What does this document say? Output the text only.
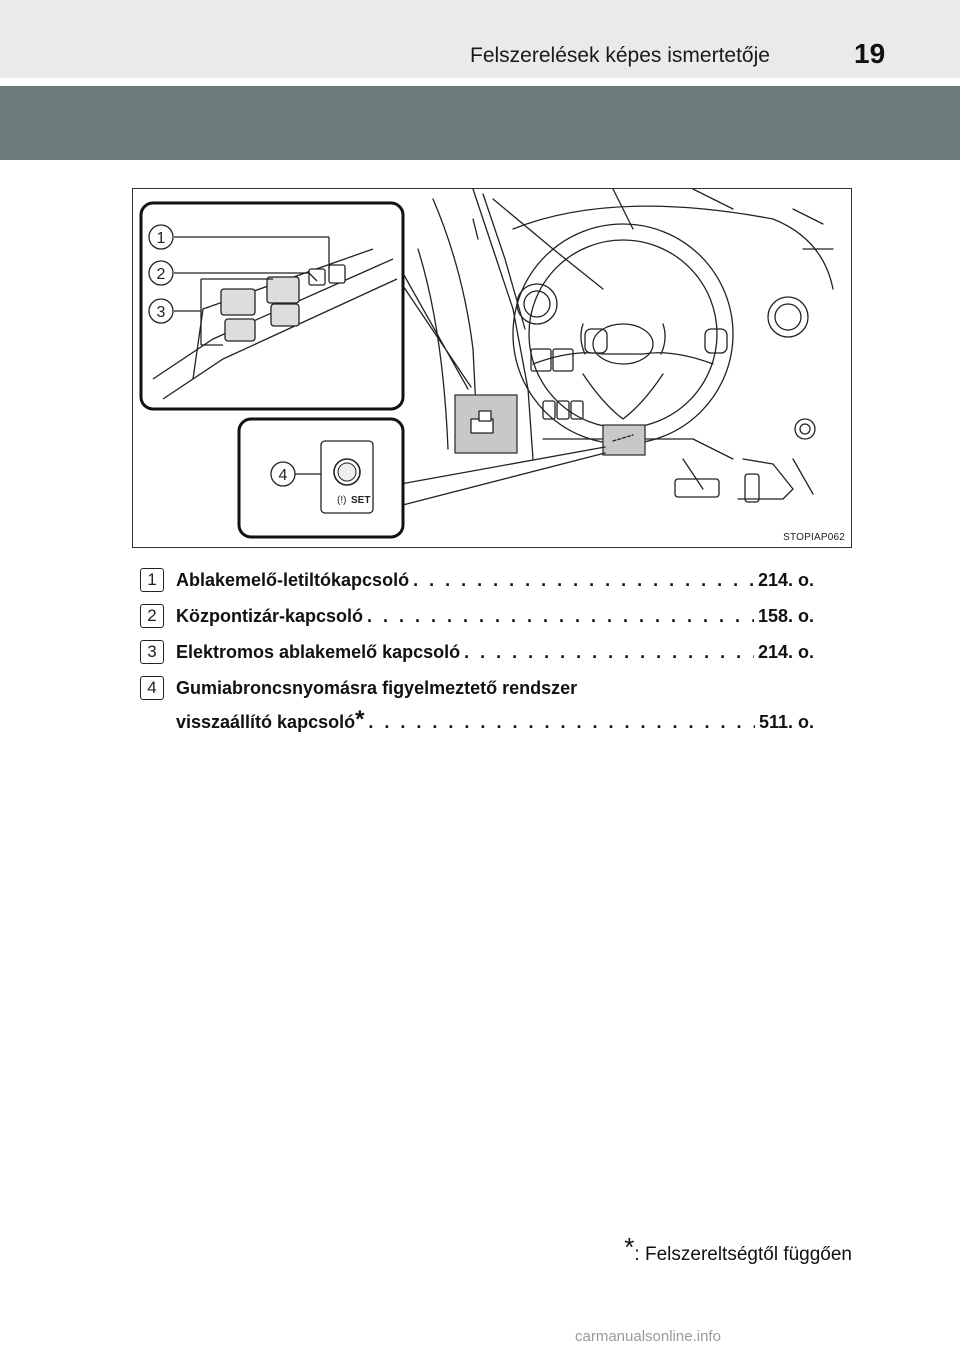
Felszerelések képes ismertetője	19
1
2
3
(!) SET
4
STOPIAP062
1	Ablakemelő-letiltókapcsoló . . .	214. o.
2	Központizár-kapcsoló . . .	158. o.
3	Elektromos ablakemelő kapcsoló . . .	214. o.
4	Gumiabroncsnyomásra figyelmeztető rendszer
visszaállító kapcsoló * . . .	511. o.
*: Felszereltségtől függően
carmanualsonline.info
